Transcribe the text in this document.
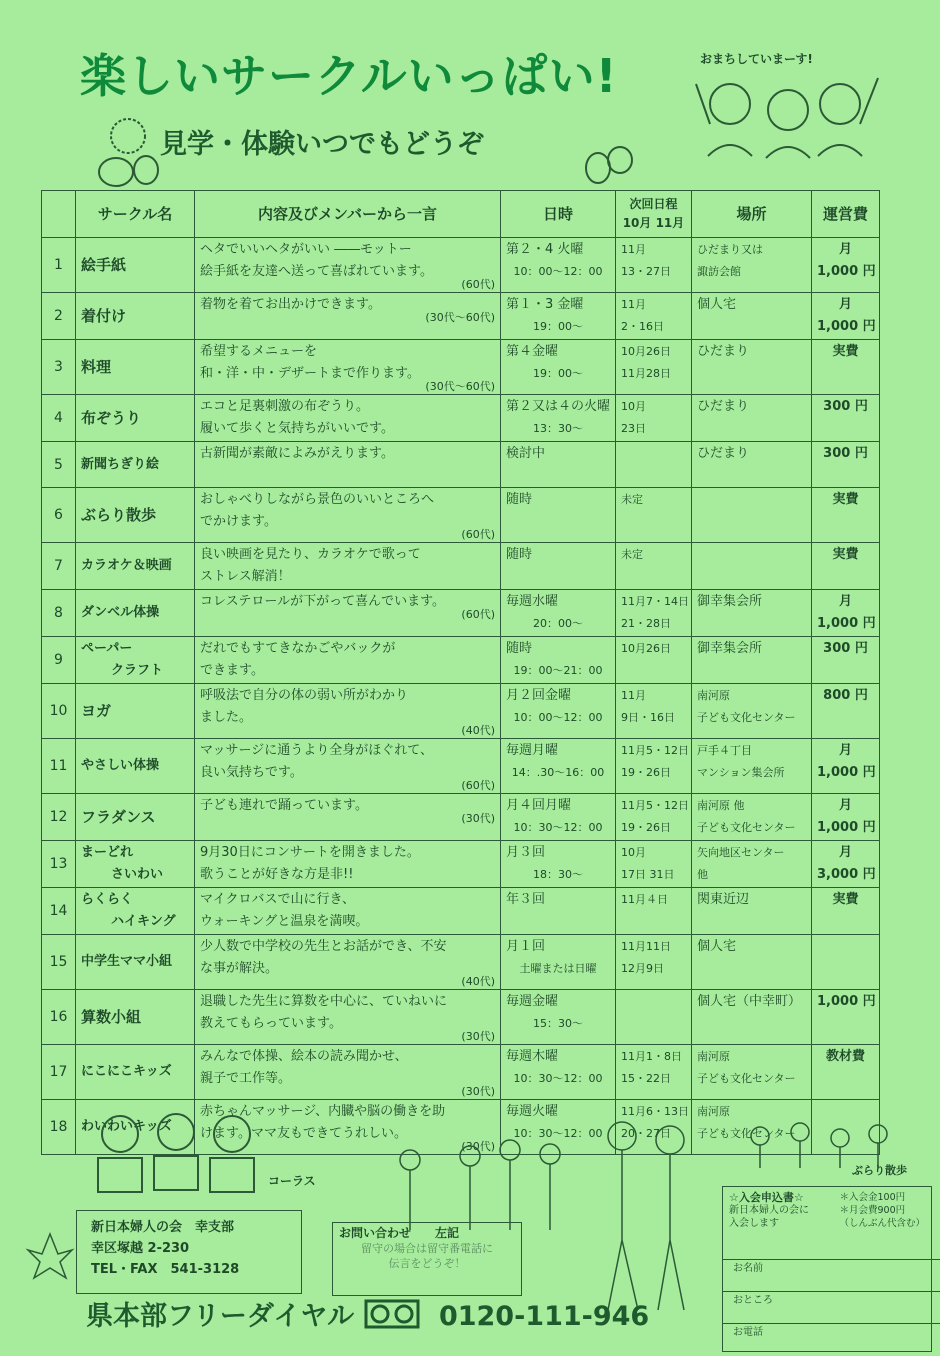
楽しいサークルいっぱい!
見学・体験いつでもどうぞ
おまちしていまーす!
	サークル名	内容及びメンバーから一言	日時	次回日程
10月 11月	場所	運営費
1	絵手紙	ヘタでいいヘタがいい ――モットー
絵手紙を友達へ送って喜ばれています。
(60代)	第２・4 火曜
10：00～12：00	11月
13・27日	ひだまり又は
諏訪会館	月
1,000 円

2	着付け	着物を着てお出かけできます。
(30代～60代)	第１・3 金曜
19：00～	11月
2・16日	個人宅	月
1,000 円

3	料理	希望するメニューを
和・洋・中・デザートまで作ります。
(30代～60代)	第４金曜
19：00～	10月26日
11月28日	ひだまり	実費

4	布ぞうり	エコと足裏刺激の布ぞうり。
履いて歩くと気持ちがいいです。	第２又は４の火曜
13：30～	10月
23日	ひだまり	300 円

5	新聞ちぎり絵	古新聞が素敵によみがえります。	検討中		ひだまり	300 円

6	ぶらり散歩	おしゃべりしながら景色のいいところへ
でかけます。
(60代)	随時	未定		実費

7	カラオケ＆映画	良い映画を見たり、カラオケで歌って
ストレス解消！	随時	未定		実費

8	ダンベル体操	コレステロールが下がって喜んでいます。
(60代)	毎週水曜
20：00～	11月7・14日
21・28日	御幸集会所	月
1,000 円

9	ペーパー
クラフト	だれでもすてきなかごやバックが
できます。	随時
19：00～21：00	10月26日	御幸集会所	300 円

10	ヨガ	呼吸法で自分の体の弱い所がわかり
ました。
(40代)	月２回金曜
10：00～12：00	11月
9日・16日	南河原
子ども文化センター	800 円

11	やさしい体操	マッサージに通うより全身がほぐれて、
良い気持ちです。
(60代)	毎週月曜
14：.30～16：00	11月5・12日
19・26日	戸手４丁目
マンション集会所	月
1,000 円

12	フラダンス	子ども連れで踊っています。
(30代)	月４回月曜
10：30～12：00	11月5・12日
19・26日	南河原 他
子ども文化センター	月
1,000 円

13	まーどれ
さいわい	9月30日にコンサートを開きました。
歌うことが好きな方是非!!	月３回
18：30～	10月
17日 31日	矢向地区センター
他	月
3,000 円

14	らくらく
ハイキング	マイクロバスで山に行き、
ウォーキングと温泉を満喫。	年３回	11月４日	関東近辺	実費

15	中学生ママ小組	少人数で中学校の先生とお話ができ、不安
な事が解決。
(40代)	月１回
土曜または日曜	11月11日
12月9日	個人宅	

16	算数小組	退職した先生に算数を中心に、ていねいに
教えてもらっています。
(30代)	毎週金曜
15：30～		個人宅（中幸町）	1,000 円

17	にこにこキッズ	みんなで体操、絵本の読み聞かせ、
親子で工作等。
(30代)	毎週木曜
10：30～12：00	11月1・8日
15・22日	南河原
子ども文化センター	教材費

18	わいわいキッズ	赤ちゃんマッサージ、内臓や脳の働きを助
けます。ママ友もできてうれしい。
(30代)	毎週火曜
10：30～12：00	11月6・13日
20・27日	南河原
子ども文化センター	

コーラス
ぶらり散歩
新日本婦人の会　幸支部
幸区塚越 2-230
TEL・FAX　541-3128
お問い合わせ　　左記
留守の場合は留守番電話に
伝言をどうぞ！
☆入会申込書☆
新日本婦人の会に
入会します
＊入会金100円
＊月会費900円
（しんぶん代含む）
お名前
おところ
お電話
県本部フリーダイヤル	0120-111-946
